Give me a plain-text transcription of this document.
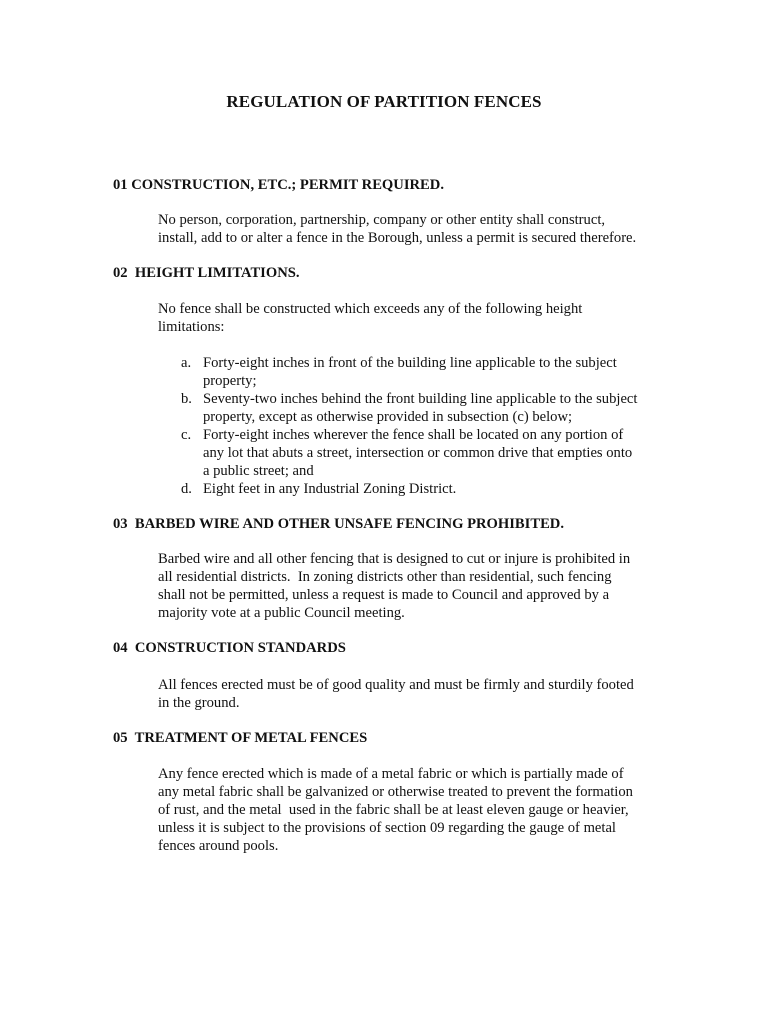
REGULATION OF PARTITION FENCES
01 CONSTRUCTION, ETC.; PERMIT REQUIRED.
No person, corporation, partnership, company or other entity shall construct,
install, add to or alter a fence in the Borough, unless a permit is secured therefore.
02  HEIGHT LIMITATIONS.
No fence shall be constructed which exceeds any of the following height
limitations:
a. Forty-eight inches in front of the building line applicable to the subject
property;
b. Seventy-two inches behind the front building line applicable to the subject
property, except as otherwise provided in subsection (c) below;
c. Forty-eight inches wherever the fence shall be located on any portion of
any lot that abuts a street, intersection or common drive that empties onto
a public street; and
d. Eight feet in any Industrial Zoning District.
03  BARBED WIRE AND OTHER UNSAFE FENCING PROHIBITED.
Barbed wire and all other fencing that is designed to cut or injure is prohibited in
all residential districts.  In zoning districts other than residential, such fencing
shall not be permitted, unless a request is made to Council and approved by a
majority vote at a public Council meeting.
04  CONSTRUCTION STANDARDS
All fences erected must be of good quality and must be firmly and sturdily footed
in the ground.
05  TREATMENT OF METAL FENCES
Any fence erected which is made of a metal fabric or which is partially made of
any metal fabric shall be galvanized or otherwise treated to prevent the formation
of rust, and the metal  used in the fabric shall be at least eleven gauge or heavier,
unless it is subject to the provisions of section 09 regarding the gauge of metal
fences around pools.
